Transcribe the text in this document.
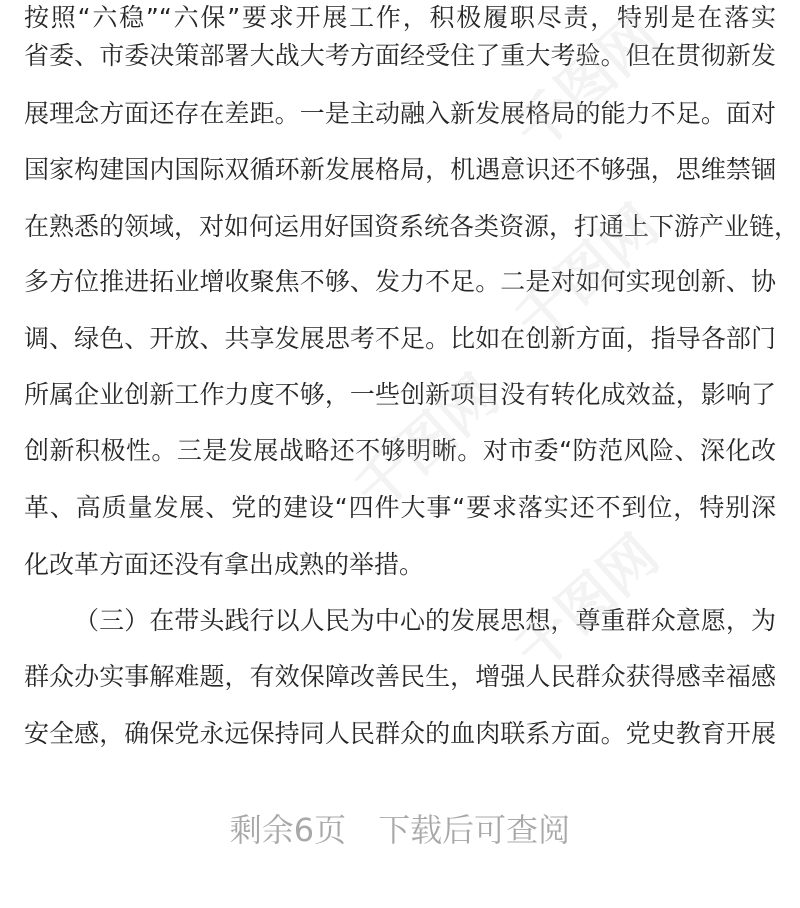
按照“六稳”“六保”要求开展工作，积极履职尽责，特别是在落实
省委、市委决策部署大战大考方面经受住了重大考验。但在贯彻新发
展理念方面还存在差距。一是主动融入新发展格局的能力不足。面对
国家构建国内国际双循环新发展格局，机遇意识还不够强，思维禁锢
在熟悉的领域，对如何运用好国资系统各类资源，打通上下游产业链，
多方位推进拓业增收聚焦不够、发力不足。二是对如何实现创新、协
调、绿色、开放、共享发展思考不足。比如在创新方面，指导各部门
所属企业创新工作力度不够，一些创新项目没有转化成效益，影响了
创新积极性。三是发展战略还不够明晰。对市委“防范风险、深化改
革、高质量发展、党的建设“四件大事“要求落实还不到位，特别深
化改革方面还没有拿出成熟的举措。
（三）在带头践行以人民为中心的发展思想，尊重群众意愿，为
群众办实事解难题，有效保障改善民生，增强人民群众获得感幸福感
安全感，确保党永远保持同人民群众的血肉联系方面。党史教育开展
千图网
千图网
千图网
千图网
剩余6页 下载后可查阅
